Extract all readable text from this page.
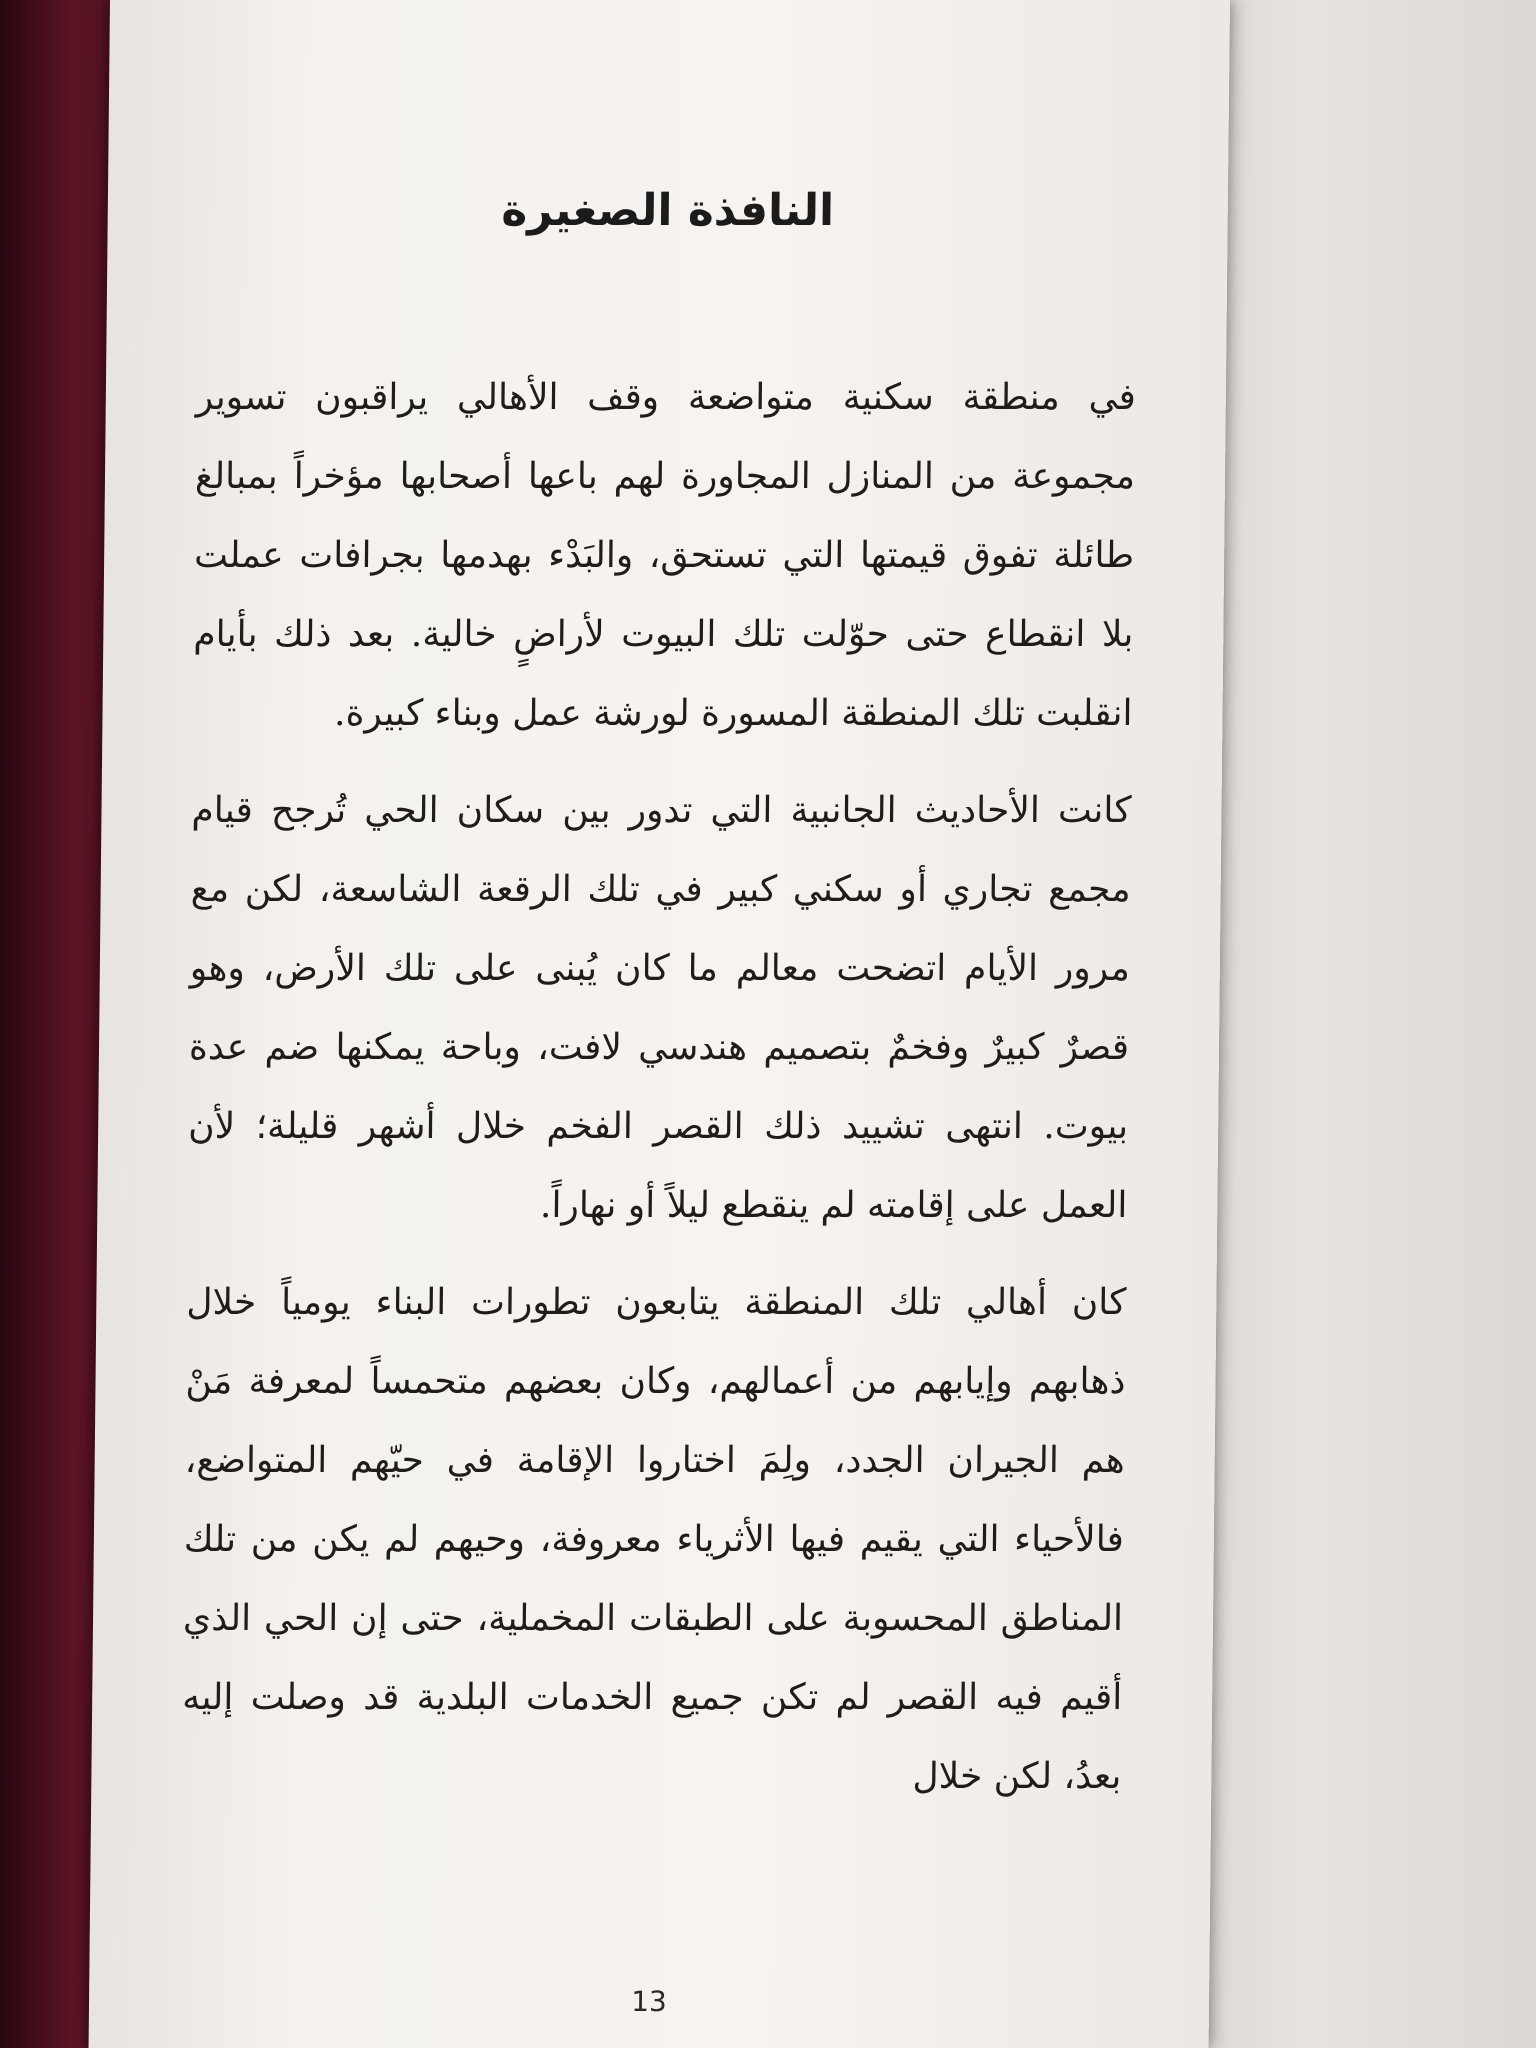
النافذة الصغيرة

في منطقة سكنية متواضعة وقف الأهالي يراقبون تسوير مجموعة من المنازل المجاورة لهم باعها أصحابها مؤخراً بمبالغ طائلة تفوق قيمتها التي تستحق، والبَدْء بهدمها بجرافات عملت بلا انقطاع حتى حوّلت تلك البيوت لأراضٍ خالية. بعد ذلك بأيام انقلبت تلك المنطقة المسورة لورشة عمل وبناء كبيرة.

كانت الأحاديث الجانبية التي تدور بين سكان الحي تُرجح قيام مجمع تجاري أو سكني كبير في تلك الرقعة الشاسعة، لكن مع مرور الأيام اتضحت معالم ما كان يُبنى على تلك الأرض، وهو قصرٌ كبيرٌ وفخمٌ بتصميم هندسي لافت، وباحة يمكنها ضم عدة بيوت. انتهى تشييد ذلك القصر الفخم خلال أشهر قليلة؛ لأن العمل على إقامته لم ينقطع ليلاً أو نهاراً.

كان أهالي تلك المنطقة يتابعون تطورات البناء يومياً خلال ذهابهم وإيابهم من أعمالهم، وكان بعضهم متحمساً لمعرفة مَنْ هم الجيران الجدد، ولِمَ اختاروا الإقامة في حيّهم المتواضع، فالأحياء التي يقيم فيها الأثرياء معروفة، وحيهم لم يكن من تلك المناطق المحسوبة على الطبقات المخملية، حتى إن الحي الذي أقيم فيه القصر لم تكن جميع الخدمات البلدية قد وصلت إليه بعدُ، لكن خلال

13
